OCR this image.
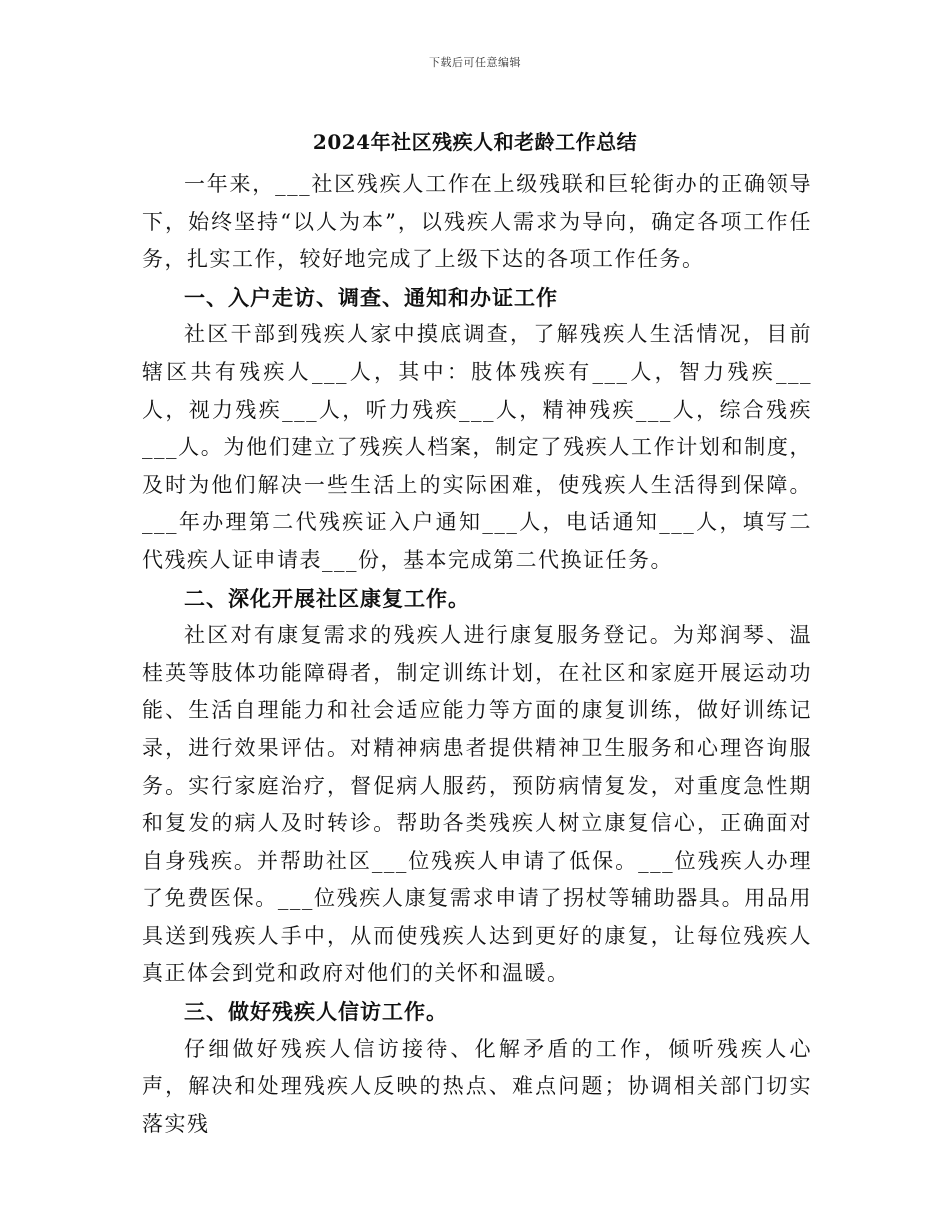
下载后可任意编辑
2024年社区残疾人和老龄工作总结

一年来，___社区残疾人工作在上级残联和巨轮街办的正确领导下，始终坚持“以人为本”，以残疾人需求为导向，确定各项工作任务，扎实工作，较好地完成了上级下达的各项工作任务。

一、入户走访、调查、通知和办证工作

社区干部到残疾人家中摸底调查，了解残疾人生活情况，目前辖区共有残疾人___人，其中：肢体残疾有___人，智力残疾___人，视力残疾___人，听力残疾___人，精神残疾___人，综合残疾___人。为他们建立了残疾人档案，制定了残疾人工作计划和制度，及时为他们解决一些生活上的实际困难，使残疾人生活得到保障。___年办理第二代残疾证入户通知___人，电话通知___人，填写二代残疾人证申请表___份，基本完成第二代换证任务。

二、深化开展社区康复工作。

社区对有康复需求的残疾人进行康复服务登记。为郑润琴、温桂英等肢体功能障碍者，制定训练计划，在社区和家庭开展运动功能、生活自理能力和社会适应能力等方面的康复训练，做好训练记录，进行效果评估。对精神病患者提供精神卫生服务和心理咨询服务。实行家庭治疗，督促病人服药，预防病情复发，对重度急性期和复发的病人及时转诊。帮助各类残疾人树立康复信心，正确面对自身残疾。并帮助社区___位残疾人申请了低保。___位残疾人办理了免费医保。___位残疾人康复需求申请了拐杖等辅助器具。用品用具送到残疾人手中，从而使残疾人达到更好的康复，让每位残疾人真正体会到党和政府对他们的关怀和温暖。

三、做好残疾人信访工作。

仔细做好残疾人信访接待、化解矛盾的工作，倾听残疾人心声，解决和处理残疾人反映的热点、难点问题；协调相关部门切实落实残
